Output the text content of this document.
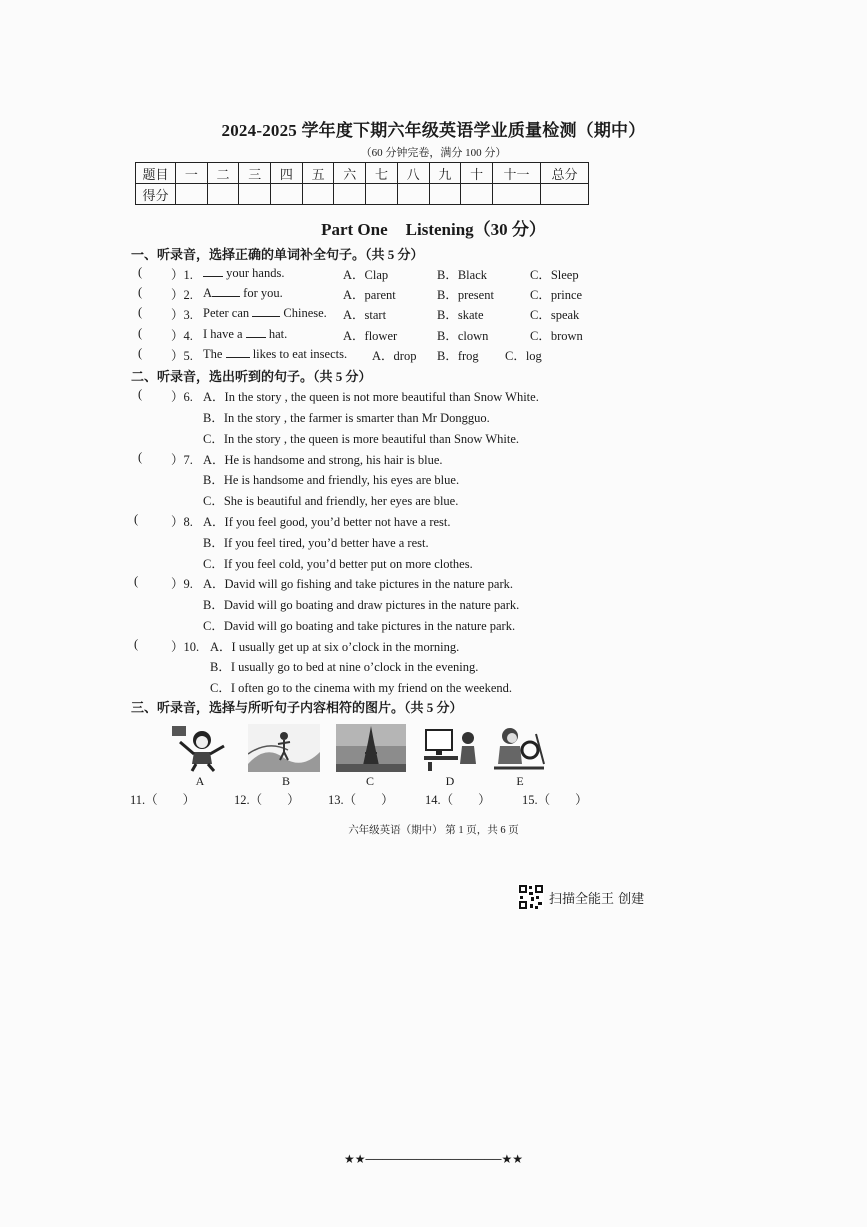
2024-2025 学年度下期六年级英语学业质量检测（期中）
（60 分钟完卷，满分 100 分）
题目	一	二	三	四	五	六	七	八	九	十	十一	总分
得分												
Part One Listening（30 分）
一、听录音，选择正确的单词补全句子。（共 5 分）
( ）1.	your hands.	A．Clap	B．Black	C．Sleep
( ）2. A for you.	A．parent	B．present	C．prince
( ）3. Peter can	Chinese. A．start	B．skate	C．speak
( ）4. I have a hat.	A．flower	B．clown	C．brown
( ）5. The likes to eat insects. A．drop B．frog C．log
二、听录音，选出听到的句子。（共 5 分）
( ）6. A．In the story , the queen is not more beautiful than Snow White.
B．In the story , the farmer is smarter than Mr Dongguo.
C．In the story , the queen is more beautiful than Snow White.
( ）7. A．He is handsome and strong, his hair is blue.
B．He is handsome and friendly, his eyes are blue.
C．She is beautiful and friendly, her eyes are blue.
(	）8. A．If you feel good, you’d better not have a rest.
B．If you feel tired, you’d better have a rest.
C．If you feel cold, you’d better put on more clothes.
(	）9. A．David will go fishing and take pictures in the nature park.
B．David will go boating and draw pictures in the nature park.
C．David will go boating and take pictures in the nature park.
(	）10. A．I usually get up at six o’clock in the morning.
B．I usually go to bed at nine o’clock in the evening.
C．I often go to the cinema with my friend on the weekend.
三、听录音，选择与所听句子内容相符的图片。（共 5 分）
A	B	C	D	E
11.（　　）	12.（　　） 13.（　　）	14.（　　）	15.（　　）
六年级英语（期中） 第 1 页，共 6 页
扫描全能王 创建
★★────────────────★★
